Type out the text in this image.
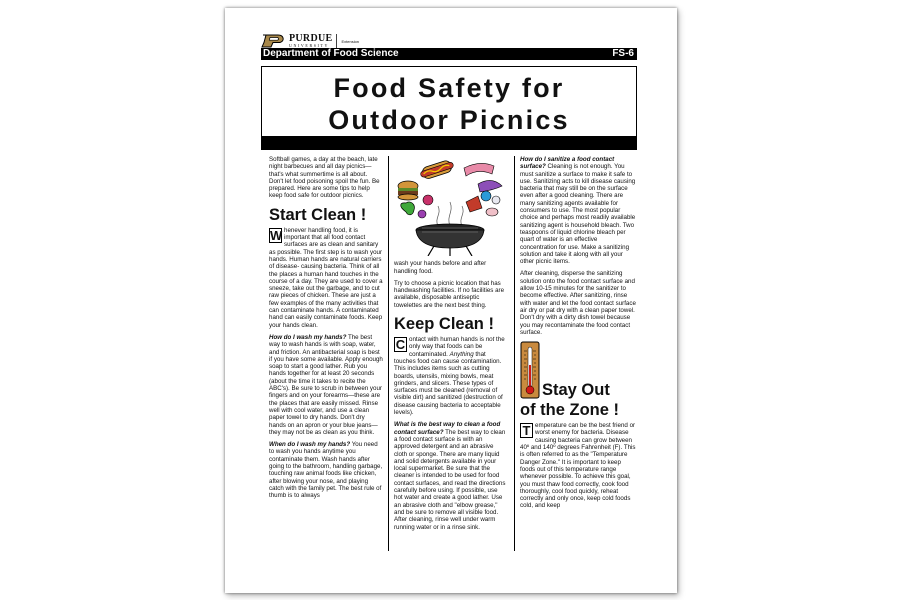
PURDUE
UNIVERSITY
Extension
Department of Food Science	FS-6
Food Safety for
Outdoor Picnics

Softball games, a day at the beach, late night barbecues and all day picnics—that's what summertime is all about. Don't let food poisoning spoil the fun. Be prepared. Here are some tips to help keep food safe for outdoor picnics.

Start Clean !

W henever handling food, it is important that all food contact surfaces are as clean and sanitary as possible. The first step is to wash your hands. Human hands are natural carriers of disease- causing bacteria. Think of all the places a human hand touches in the course of a day. They are used to cover a sneeze, take out the garbage, and to cut raw pieces of chicken. These are just a few examples of the many activities that can contaminate hands. A contaminated hand can easily contaminate foods. Keep your hands clean.

How do I wash my hands? The best way to wash hands is with soap, water, and friction. An antibacterial soap is best if you have some available. Apply enough soap to start a good lather. Rub you hands together for at least 20 seconds (about the time it takes to recite the ABC's). Be sure to scrub in between your fingers and on your forearms—these are the places that are easily missed. Rinse well with cool water, and use a clean paper towel to dry hands. Don't dry hands on an apron or your blue jeans—they may not be as clean as you think.

When do I wash my hands? You need to wash you hands anytime you contaminate them. Wash hands after going to the bathroom, handling garbage, touching raw animal foods like chicken, after blowing your nose, and playing catch with the family pet. The best rule of thumb is to always

wash your hands before and after handling food.

Try to choose a picnic location that has handwashing facilities. If no facilities are available, disposable antiseptic towelettes are the next best thing.

Keep Clean !

C ontact with human hands is not the only way that foods can be contaminated. Anything that touches food can cause contamination. This includes items such as cutting boards, utensils, mixing bowls, meat grinders, and slicers. These types of surfaces must be cleaned (removal of visible dirt) and sanitized (destruction of disease causing bacteria to acceptable levels).

What is the best way to clean a food contact surface? The best way to clean a food contact surface is with an approved detergent and an abrasive cloth or sponge. There are many liquid and solid detergents available in your local supermarket. Be sure that the cleaner is intended to be used for food contact surfaces, and read the directions carefully before using. If possible, use hot water and create a good lather. Use an abrasive cloth and "elbow grease," and be sure to remove all visible food. After cleaning, rinse well under warm running water or in a rinse sink.

How do I sanitize a food contact surface? Cleaning is not enough. You must sanitize a surface to make it safe to use. Sanitizing acts to kill disease causing bacteria that may still be on the surface even after a good cleaning. There are many sanitizing agents available for consumers to use. The most popular choice and perhaps most readily available sanitizing agent is household bleach. Two teaspoons of liquid chlorine bleach per quart of water is an effective concentration for use. Make a sanitizing solution and take it along with all your other picnic items.

After cleaning, disperse the sanitizing solution onto the food contact surface and allow 10-15 minutes for the sanitizer to become effective. After sanitizing, rinse with water and let the food contact surface air dry or pat dry with a clean paper towel. Don't dry with a dirty dish towel because you may recontaminate the food contact surface.

Stay Out
of the Zone !

T emperature can be the best friend or worst enemy for bacteria. Disease causing bacteria can grow between 40º and 140º degrees Fahrenheit (F). This is often referred to as the "Temperature Danger Zone." It is important to keep foods out of this temperature range whenever possible. To achieve this goal, you must thaw food correctly, cook food thoroughly, cool food quickly, reheat correctly and only once, keep cold foods cold, and keep
